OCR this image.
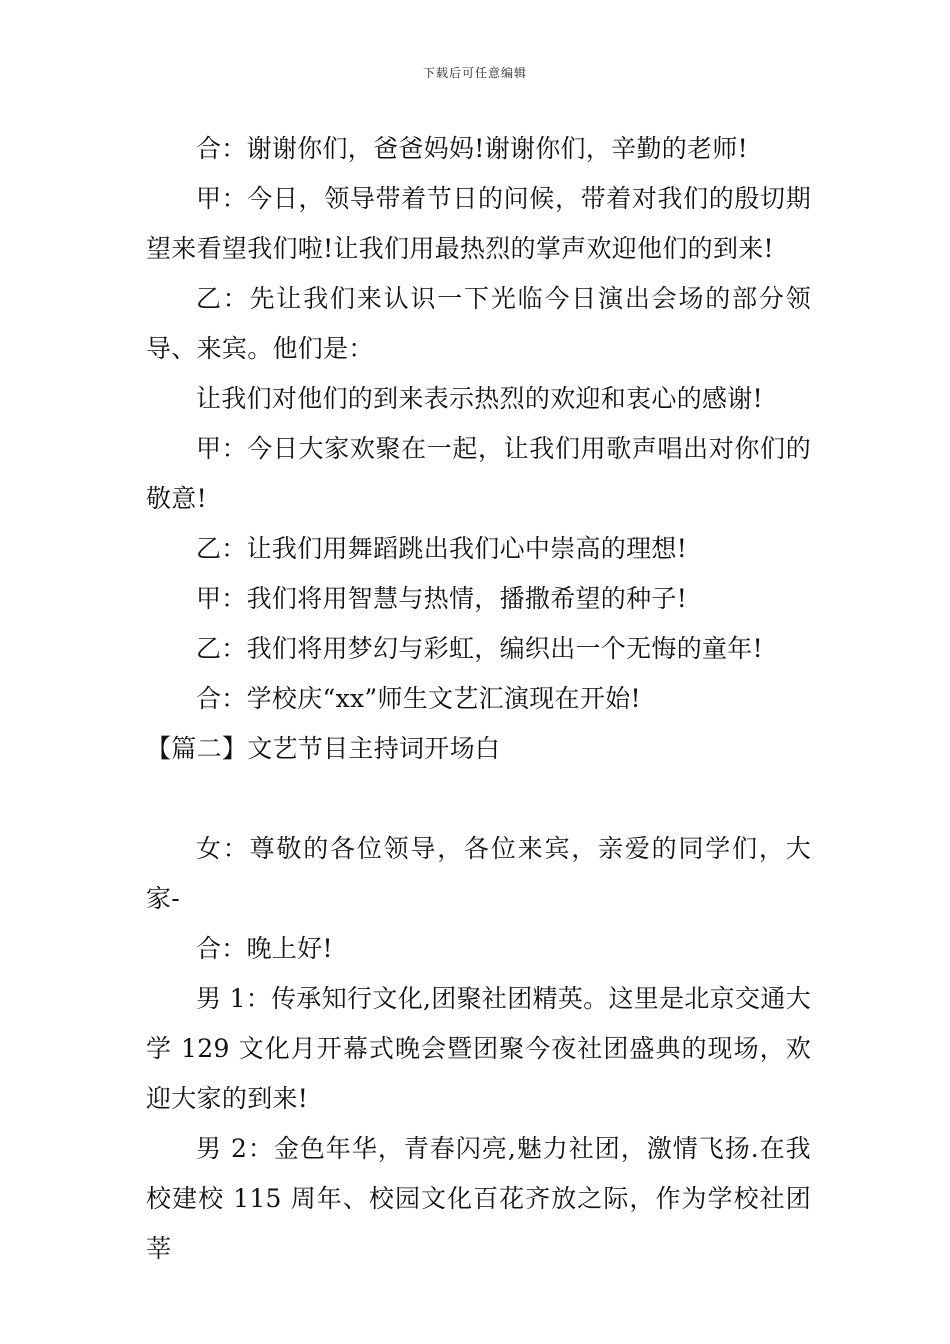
下载后可任意编辑

合：谢谢你们，爸爸妈妈!谢谢你们，辛勤的老师!

甲：今日，领导带着节日的问候，带着对我们的殷切期望来看望我们啦!让我们用最热烈的掌声欢迎他们的到来!

乙：先让我们来认识一下光临今日演出会场的部分领导、来宾。他们是：

让我们对他们的到来表示热烈的欢迎和衷心的感谢!

甲：今日大家欢聚在一起，让我们用歌声唱出对你们的敬意!

乙：让我们用舞蹈跳出我们心中崇高的理想!

甲：我们将用智慧与热情，播撒希望的种子!

乙：我们将用梦幻与彩虹，编织出一个无悔的童年!

合：学校庆“xx”师生文艺汇演现在开始!

【篇二】文艺节目主持词开场白

女：尊敬的各位领导，各位来宾，亲爱的同学们，大家-

合：晚上好!

男 1：传承知行文化,团聚社团精英。这里是北京交通大学 129 文化月开幕式晚会暨团聚今夜社团盛典的现场，欢迎大家的到来!

男 2：金色年华，青春闪亮,魅力社团，激情飞扬.在我校建校 115 周年、校园文化百花齐放之际，作为学校社团莘
